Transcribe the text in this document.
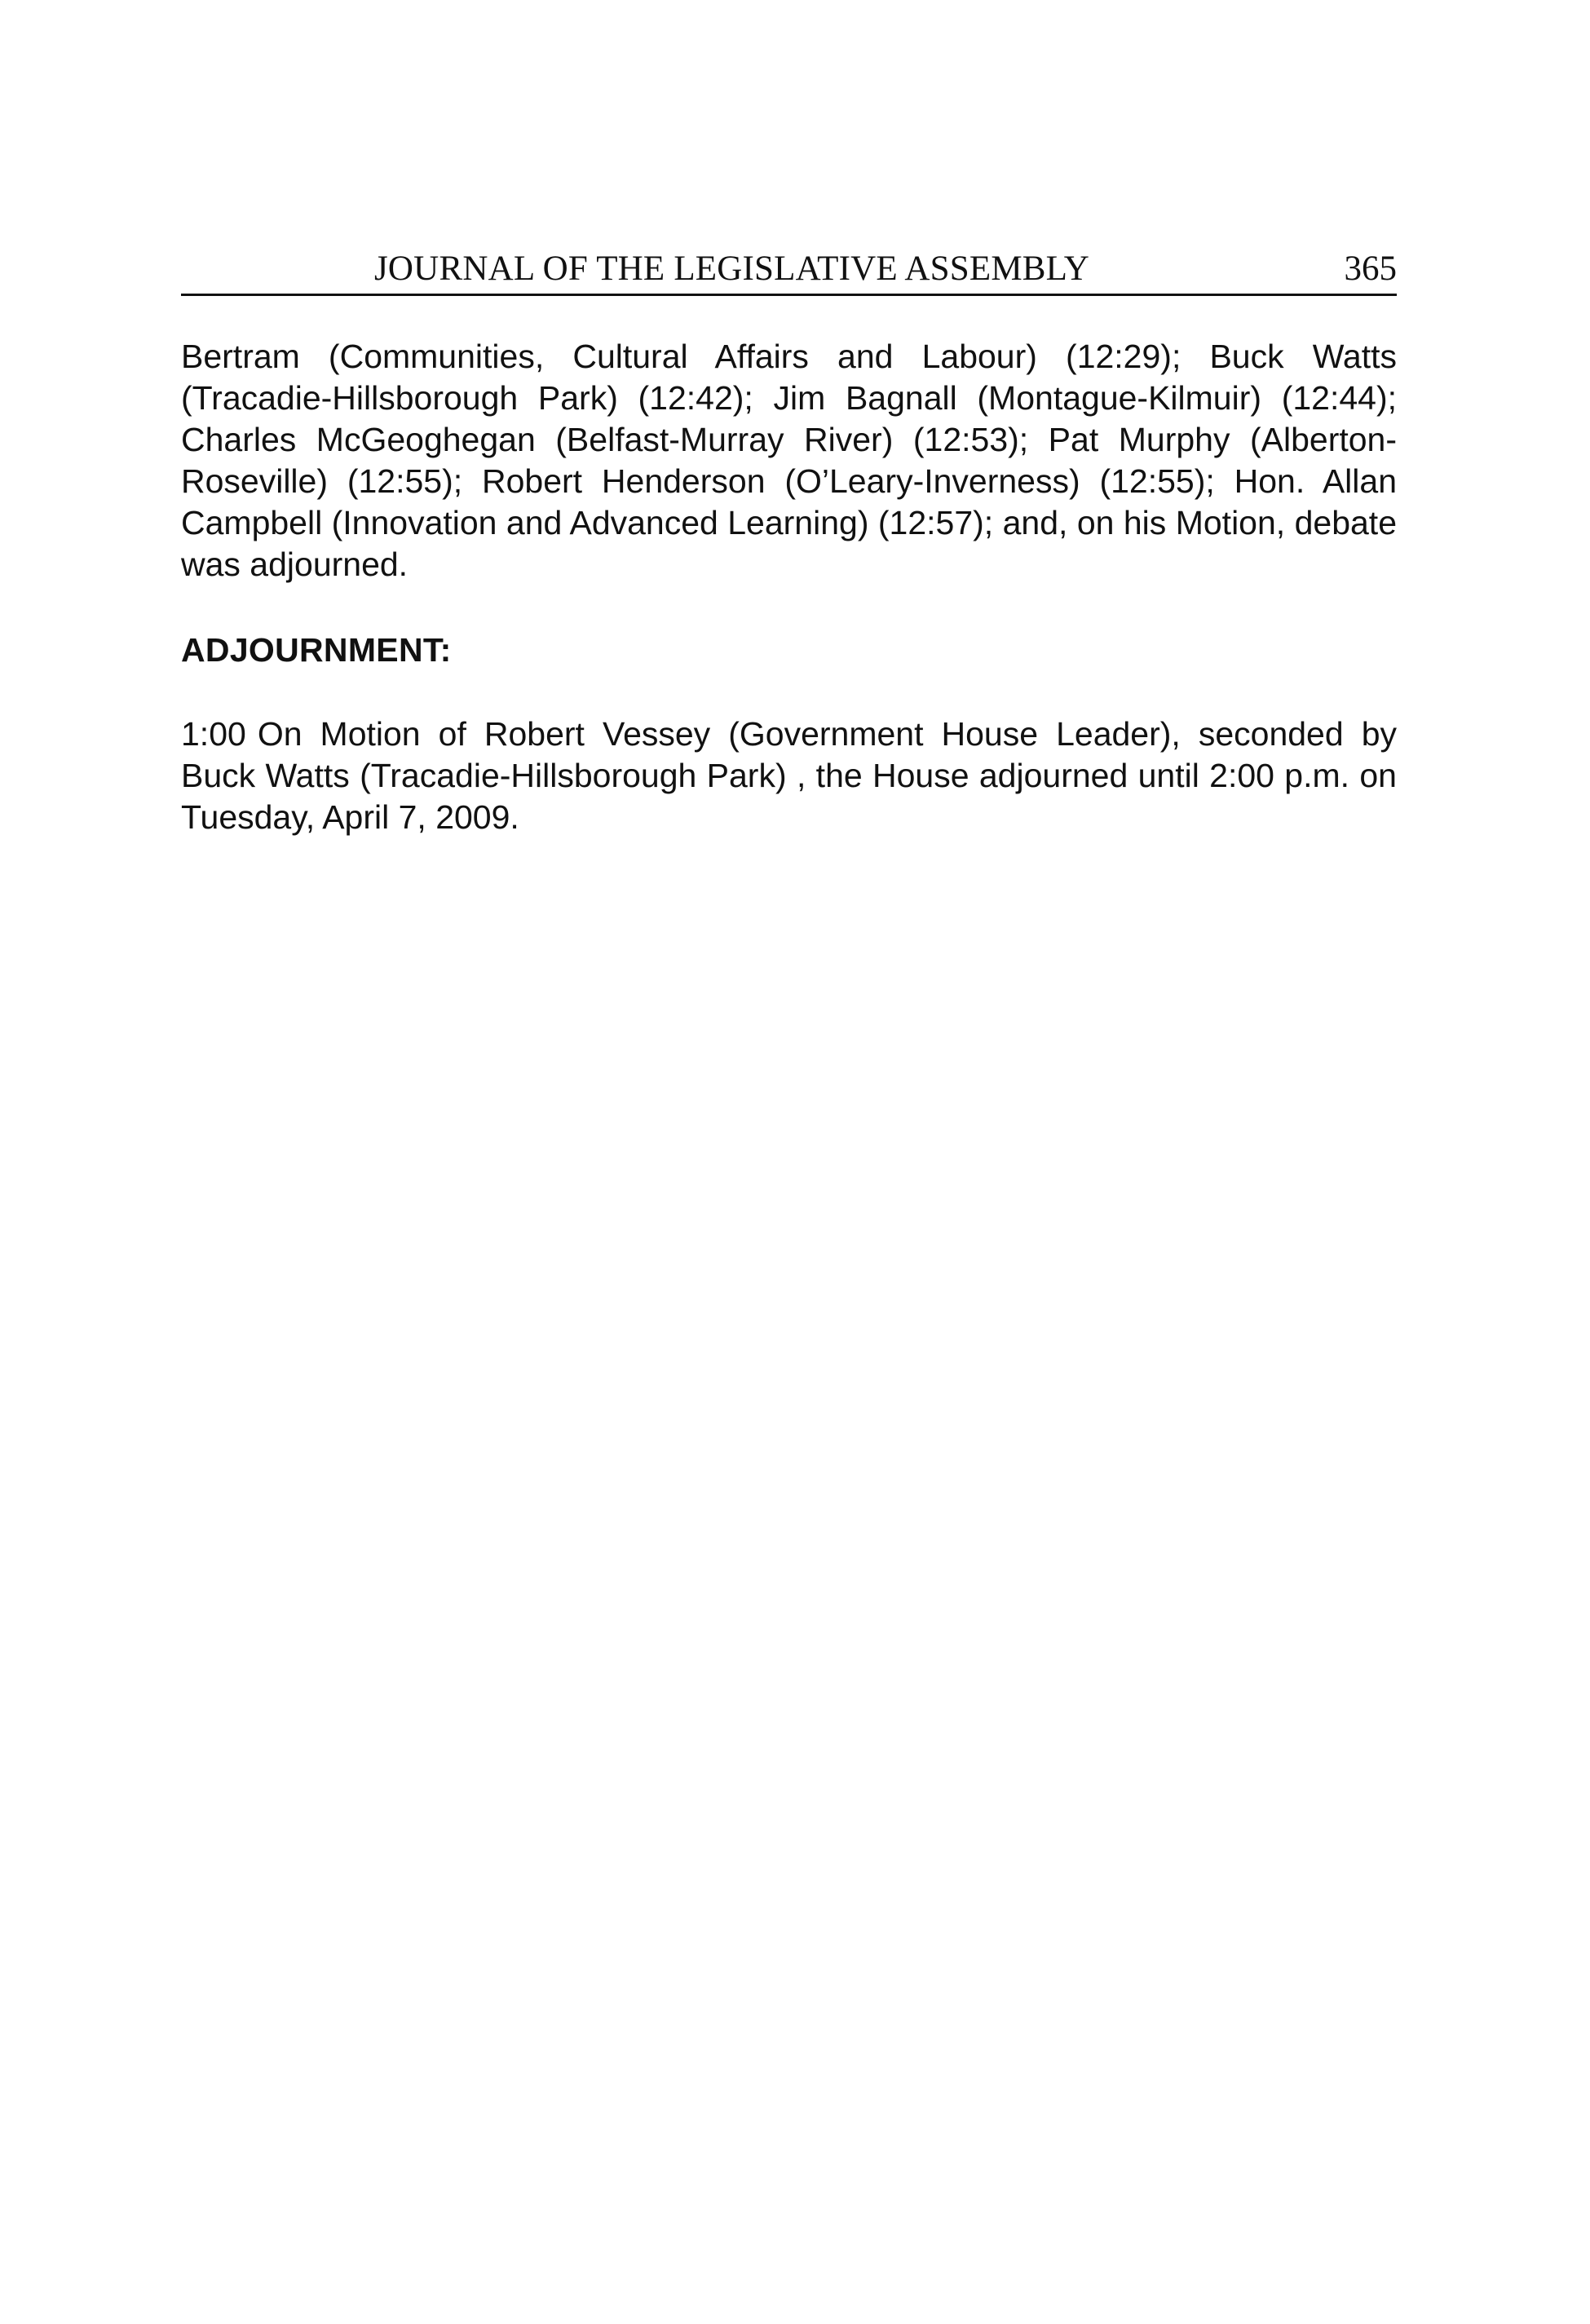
JOURNAL OF THE LEGISLATIVE ASSEMBLY	365
Bertram (Communities, Cultural Affairs and Labour) (12:29); Buck Watts (Tracadie-Hillsborough Park) (12:42); Jim Bagnall (Montague-Kilmuir) (12:44); Charles McGeoghegan (Belfast-Murray River) (12:53); Pat Murphy (Alberton-Roseville) (12:55); Robert Henderson (O’Leary-Inverness) (12:55); Hon. Allan Campbell (Innovation and Advanced Learning) (12:57); and, on his Motion, debate was adjourned.
ADJOURNMENT:
1:00 On Motion of Robert Vessey (Government House Leader), seconded by Buck Watts (Tracadie-Hillsborough Park) , the House adjourned until 2:00 p.m. on Tuesday, April 7, 2009.
